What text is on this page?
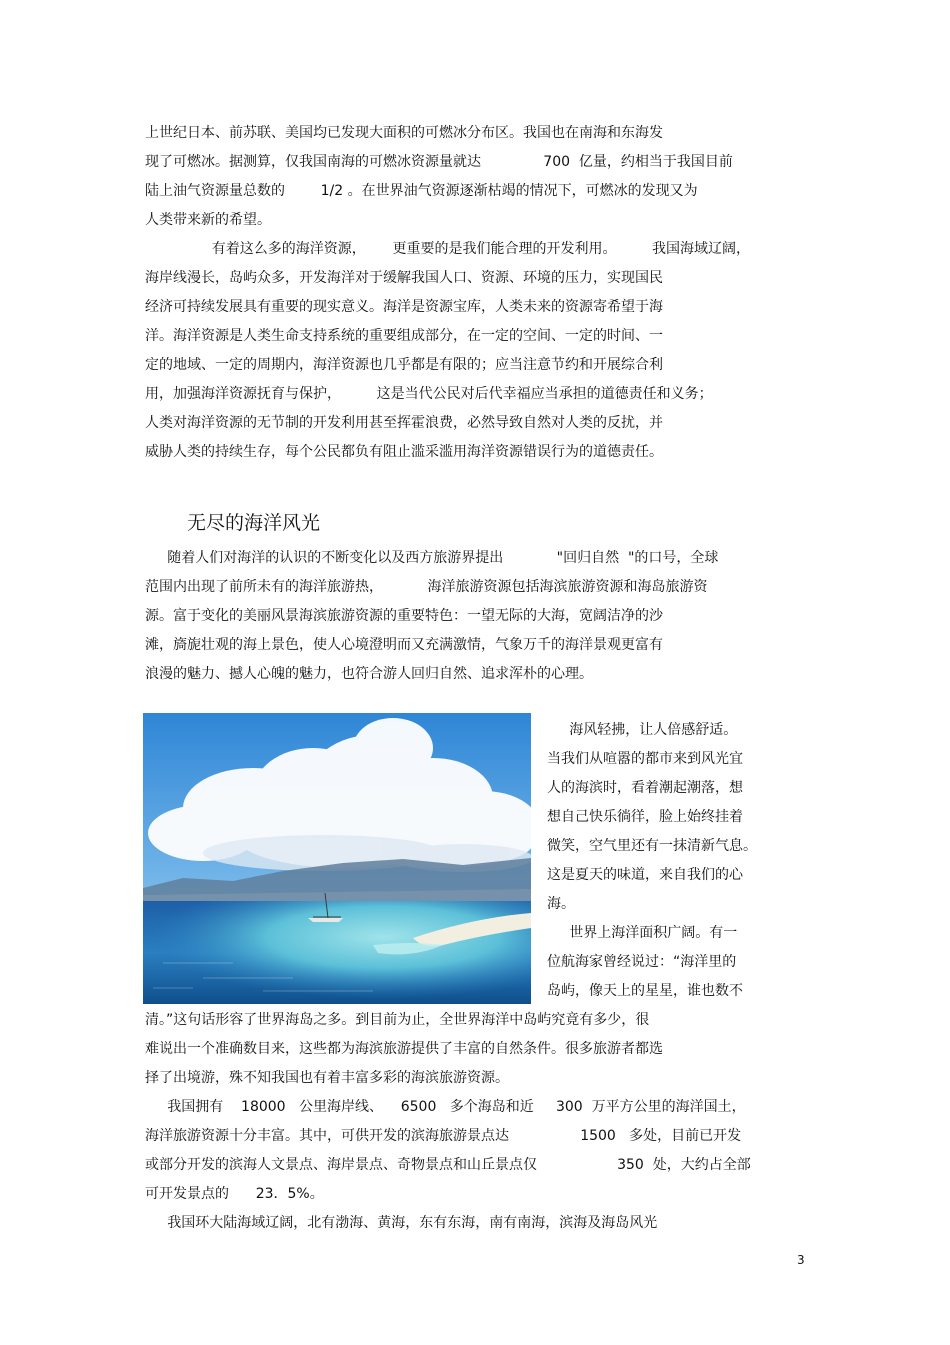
上世纪日本、前苏联、美国均已发现大面积的可燃冰分布区。我国也在南海和东海发
现了可燃冰。据测算，仅我国南海的可燃冰资源量就达              700  亿量，约相当于我国目前
陆上油气资源量总数的        1/2 。在世界油气资源逐渐枯竭的情况下，可燃冰的发现又为
人类带来新的希望。
有着这么多的海洋资源，      更重要的是我们能合理的开发利用。        我国海域辽阔，
海岸线漫长，岛屿众多，开发海洋对于缓解我国人口、资源、环境的压力，实现国民
经济可持续发展具有重要的现实意义。海洋是资源宝库，人类未来的资源寄希望于海
洋。海洋资源是人类生命支持系统的重要组成部分，在一定的空间、一定的时间、一
定的地域、一定的周期内，海洋资源也几乎都是有限的；应当注意节约和开展综合利
用，加强海洋资源抚育与保护，        这是当代公民对后代幸福应当承担的道德责任和义务；
人类对海洋资源的无节制的开发利用甚至挥霍浪费，必然导致自然对人类的反扰，并
威胁人类的持续生存，每个公民都负有阻止滥采滥用海洋资源错误行为的道德责任。
无尽的海洋风光
随着人们对海洋的认识的不断变化以及西方旅游界提出            "回归自然  "的口号，全球
范围内出现了前所未有的海洋旅游热，          海洋旅游资源包括海滨旅游资源和海岛旅游资
源。富于变化的美丽风景海滨旅游资源的重要特色：一望无际的大海，宽阔洁净的沙
滩，旖旎壮观的海上景色，使人心境澄明而又充满激情，气象万千的海洋景观更富有
浪漫的魅力、撼人心魄的魅力，也符合游人回归自然、追求浑朴的心理。
海风轻拂，让人倍感舒适。
当我们从喧嚣的都市来到风光宜
人的海滨时，看着潮起潮落，想
想自己快乐徜徉，脸上始终挂着
微笑，空气里还有一抹清新气息。
这是夏天的味道，来自我们的心
海。
世界上海洋面积广阔。有一
位航海家曾经说过：“海洋里的
岛屿，像天上的星星，谁也数不
清。”这句话形容了世界海岛之多。到目前为止，全世界海洋中岛屿究竟有多少，很
难说出一个准确数目来，这些都为海滨旅游提供了丰富的自然条件。很多旅游者都选
择了出境游，殊不知我国也有着丰富多彩的海滨旅游资源。
我国拥有    18000   公里海岸线、    6500   多个海岛和近     300  万平方公里的海洋国土，
海洋旅游资源十分丰富。其中，可供开发的滨海旅游景点达                1500   多处，目前已开发
或部分开发的滨海人文景点、海岸景点、奇物景点和山丘景点仅                  350  处，大约占全部
可开发景点的      23．5%。
我国环大陆海域辽阔，北有渤海、黄海，东有东海，南有南海，滨海及海岛风光
3
